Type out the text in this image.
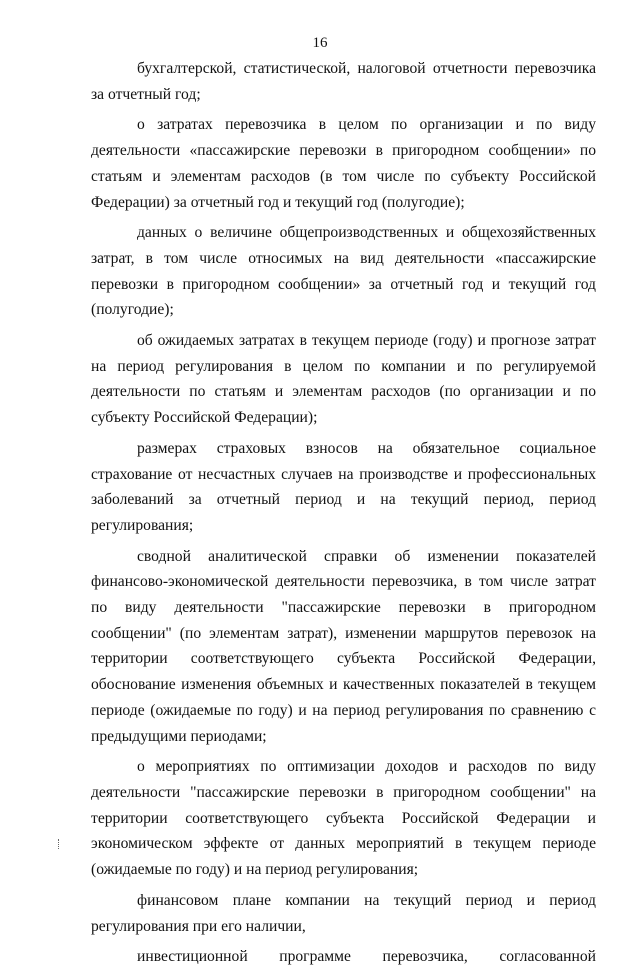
16

бухгалтерской, статистической, налоговой отчетности перевозчика за отчетный год;

о затратах перевозчика в целом по организации и по виду деятельности «пассажирские перевозки в пригородном сообщении» по статьям и элементам расходов (в том числе по субъекту Российской Федерации) за отчетный год и текущий год (полугодие);

данных о величине общепроизводственных и общехозяйственных затрат, в том числе относимых на вид деятельности «пассажирские перевозки в пригородном сообщении» за отчетный год и текущий год (полугодие);

об ожидаемых затратах в текущем периоде (году) и прогнозе затрат на период регулирования в целом по компании и по регулируемой деятельности по статьям и элементам расходов (по организации и по субъекту Российской Федерации);

размерах страховых взносов на обязательное социальное страхование от несчастных случаев на производстве и профессиональных заболеваний за отчетный период и на текущий период, период регулирования;

сводной аналитической справки об изменении показателей финансово-экономической деятельности перевозчика, в том числе затрат по виду деятельности "пассажирские перевозки в пригородном сообщении" (по элементам затрат), изменении маршрутов перевозок на территории соответствующего субъекта Российской Федерации, обоснование изменения объемных и качественных показателей в текущем периоде (ожидаемые по году) и на период регулирования по сравнению с предыдущими периодами;

о мероприятиях по оптимизации доходов и расходов по виду деятельности "пассажирские перевозки в пригородном сообщении" на территории соответствующего субъекта Российской Федерации и экономическом эффекте от данных мероприятий в текущем периоде (ожидаемые по году) и на период регулирования;

финансовом плане компании на текущий период и период регулирования при его наличии,

инвестиционной программе перевозчика, согласованной
